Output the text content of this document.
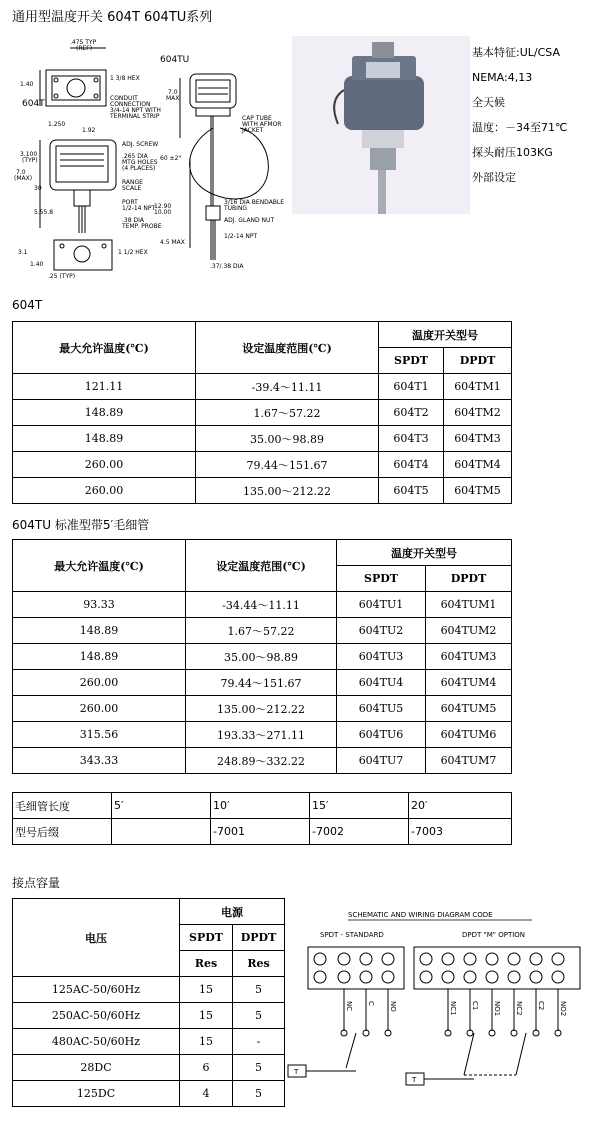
通用型温度开关 604T 604TU系列
1.40
.475 TYP
(REF)
1 3/8 HEX
CONDUIT
CONNECTION
3/4-14 NPT WITH
TERMINAL STRIP
604T
1.250
1.92
ADJ. SCREW
.265 DIA
MTG HOLES
(4 PLACES)
3.100
(TYP)
7.0
(MAX)
30
RANGE
SCALE
PORT
1/2-14 NPT
5.55.8
.38 DIA
TEMP. PROBE
3.1
1.40
1 1/2 HEX
.25 (TYP)
604TU
7.0
MAX
CAP TUBE
WITH AFMOR
JACKET
60 ±2"
12.90
10.00
3/16 DIA BENDABLE
TUBING
ADJ. GLAND NUT
1/2-14 NPT
4.5 MAX
.37/.38 DIA
基本特征:UL/CSA
NEMA:4,13
全天候
温度：－34至71℃
探头耐压103KG
外部设定
604T
最大允许温度(℃)	设定温度范围(℃)	温度开关型号	
		SPDT	DPDT
121.11	-39.4～11.11	604T1	604TM1
148.89	1.67～57.22	604T2	604TM2
148.89	35.00～98.89	604T3	604TM3
260.00	79.44～151.67	604T4	604TM4
260.00	135.00～212.22	604T5	604TM5
604TU 标准型带5′毛细管
最大允许温度(℃)	设定温度范围(℃)	温度开关型号	
		SPDT	DPDT
93.33	-34.44～11.11	604TU1	604TUM1
148.89	1.67～57.22	604TU2	604TUM2
148.89	35.00～98.89	604TU3	604TUM3
260.00	79.44～151.67	604TU4	604TUM4
260.00	135.00～212.22	604TU5	604TUM5
315.56	193.33～271.11	604TU6	604TUM6
343.33	248.89～332.22	604TU7	604TUM7
毛细管长度	5′	10′	15′	20′
型号后缀		-7001	-7002	-7003
接点容量
电压	电源	
	SPDT	DPDT
	Res	Res
125AC-50/60Hz	15	5
250AC-50/60Hz	15	5
480AC-50/60Hz	15	-
28DC	6	5
125DC	4	5
SCHEMATIC AND WIRING DIAGRAM CODE
SPDT - STANDARD	DPDT "M" OPTION
NC C NO	NC1 C1 NO1 NC2 C2 NO2
T
T
